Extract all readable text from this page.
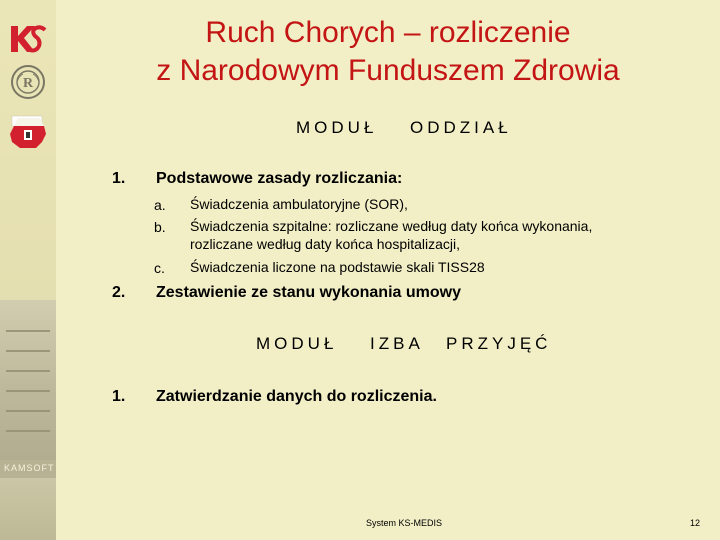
R
KAMSOFT
Ruch Chorych – rozliczenie
z Narodowym Funduszem Zdrowia
MODUŁ ODDZIAŁ
1. Podstawowe zasady rozliczania:
a. Świadczenia ambulatoryjne (SOR),
b. Świadczenia szpitalne: rozliczane według daty końca wykonania,
rozliczane według daty końca hospitalizacji,
c. Świadczenia liczone na podstawie skali TISS28
2. Zestawienie ze stanu wykonania umowy
MODUŁ IZBA PRZYJĘĆ
1. Zatwierdzanie danych do rozliczenia.
System KS-MEDIS	12
